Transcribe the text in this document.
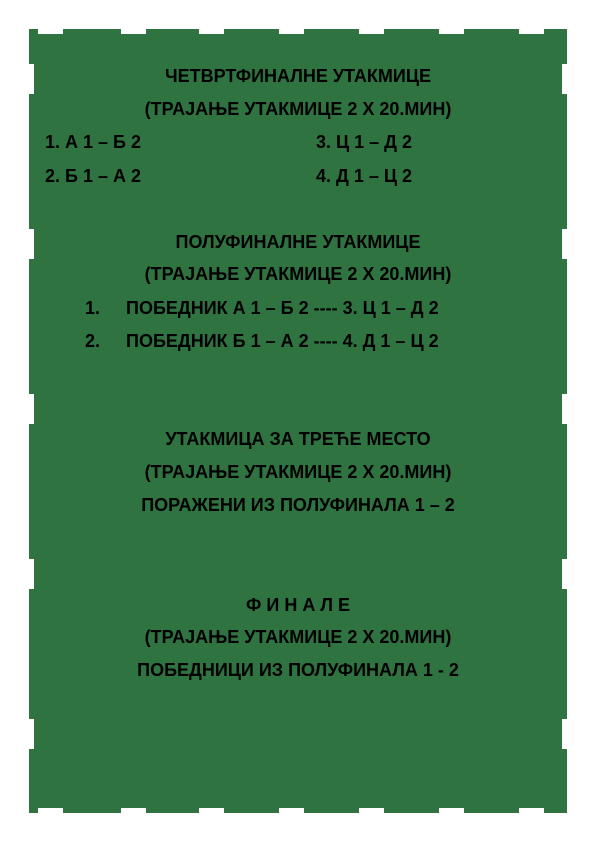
ЧЕТВРТФИНАЛНЕ УТАКМИЦЕ
(ТРАЈАЊЕ УТАКМИЦЕ 2 Х 20.МИН)
1. А 1 – Б 2
2. Б 1 – А 2
3. Ц 1 – Д 2
4. Д 1 – Ц 2
ПОЛУФИНАЛНЕ УТАКМИЦЕ
(ТРАЈАЊЕ УТАКМИЦЕ 2 Х 20.МИН)
1. ПОБЕДНИК А 1 – Б 2 ---- 3. Ц 1 – Д 2
2. ПОБЕДНИК Б 1 – А 2 ---- 4. Д 1 – Ц 2
УТАКМИЦА ЗА ТРЕЋЕ МЕСТО
(ТРАЈАЊЕ УТАКМИЦЕ 2 Х 20.МИН)
ПОРАЖЕНИ ИЗ ПОЛУФИНАЛА 1 – 2
Ф И Н А Л Е
(ТРАЈАЊЕ УТАКМИЦЕ 2 Х 20.МИН)
ПОБЕДНИЦИ ИЗ ПОЛУФИНАЛА 1 - 2
